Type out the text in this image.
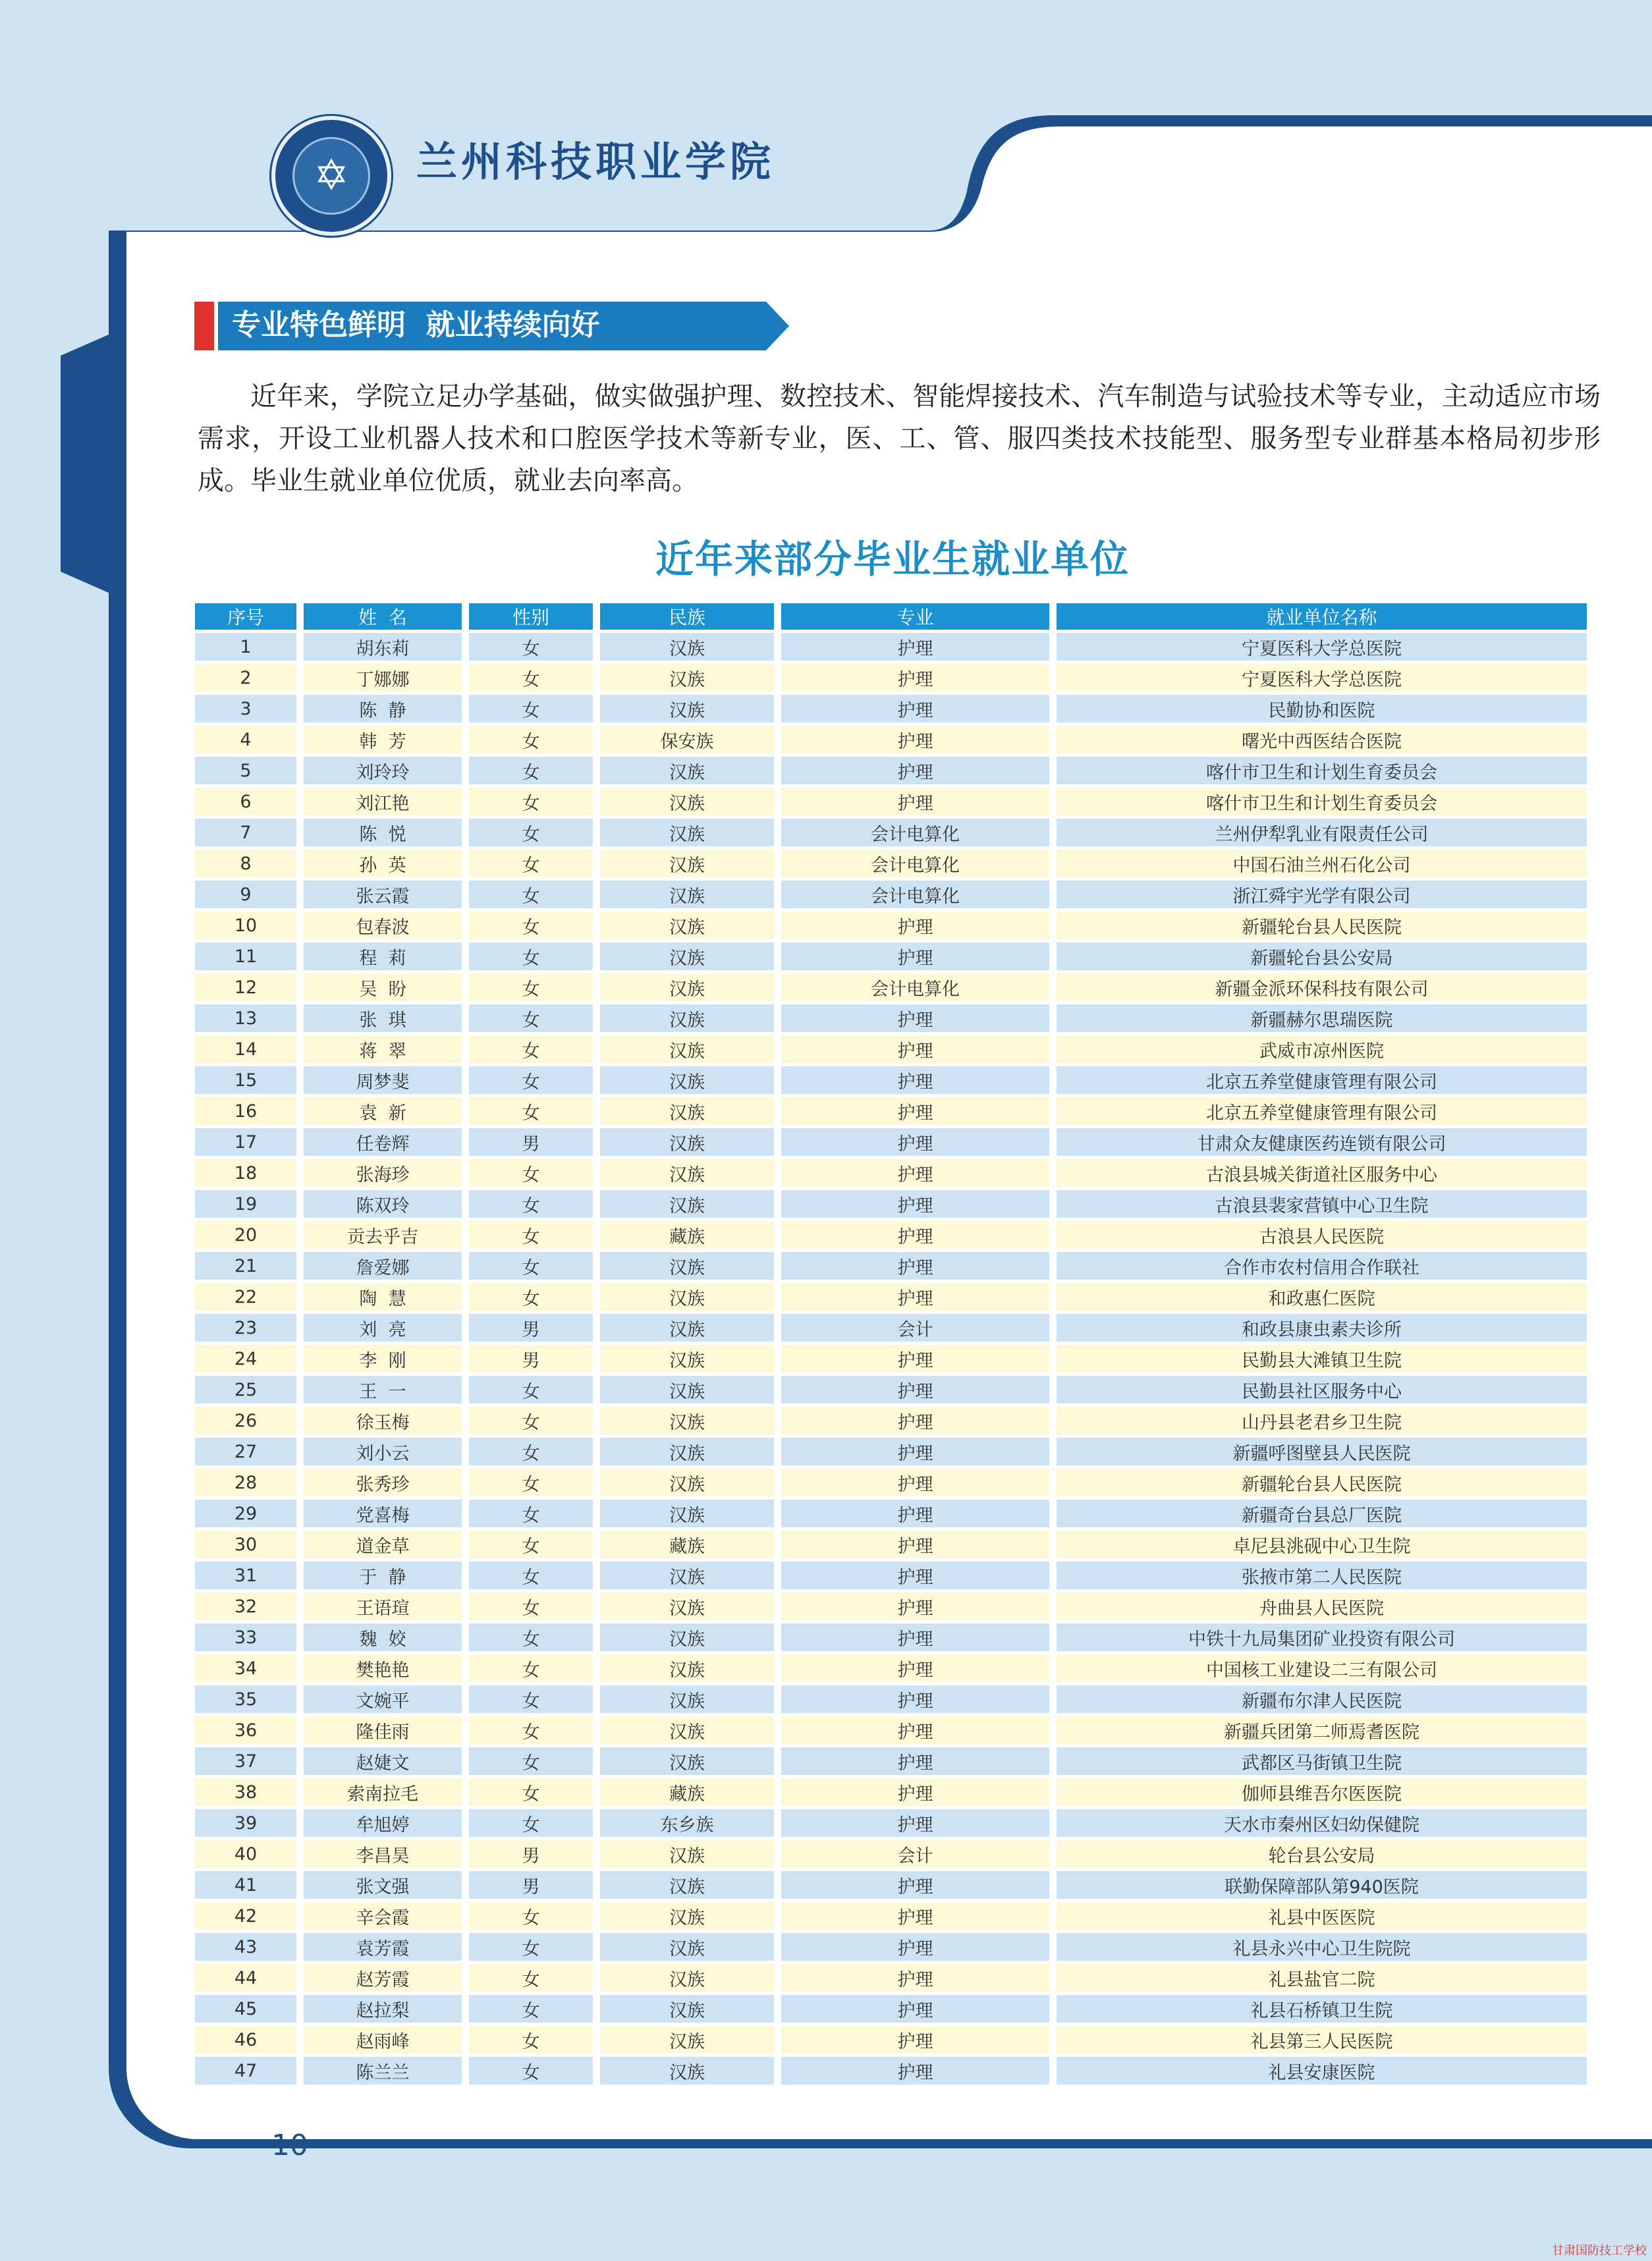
✡	兰州科技职业学院
专业特色鲜明  就业持续向好

近年来，学院立足办学基础，做实做强护理、数控技术、智能焊接技术、汽车制造与试验技术等专业，主动适应市场需求，开设工业机器人技术和口腔医学技术等新专业，医、工、管、服四类技术技能型、服务型专业群基本格局初步形成。毕业生就业单位优质，就业去向率高。

近年来部分毕业生就业单位
序号	姓  名	性别	民族	专业	就业单位名称
1	胡东莉	女	汉族	护理	宁夏医科大学总医院
2	丁娜娜	女	汉族	护理	宁夏医科大学总医院
3	陈  静	女	汉族	护理	民勤协和医院
4	韩  芳	女	保安族	护理	曙光中西医结合医院
5	刘玲玲	女	汉族	护理	喀什市卫生和计划生育委员会
6	刘江艳	女	汉族	护理	喀什市卫生和计划生育委员会
7	陈  悦	女	汉族	会计电算化	兰州伊犁乳业有限责任公司
8	孙  英	女	汉族	会计电算化	中国石油兰州石化公司
9	张云霞	女	汉族	会计电算化	浙江舜宇光学有限公司
10	包春波	女	汉族	护理	新疆轮台县人民医院
11	程  莉	女	汉族	护理	新疆轮台县公安局
12	吴  盼	女	汉族	会计电算化	新疆金派环保科技有限公司
13	张  琪	女	汉族	护理	新疆赫尔思瑞医院
14	蒋  翠	女	汉族	护理	武威市凉州医院
15	周梦斐	女	汉族	护理	北京五养堂健康管理有限公司
16	袁  新	女	汉族	护理	北京五养堂健康管理有限公司
17	任卷辉	男	汉族	护理	甘肃众友健康医药连锁有限公司
18	张海珍	女	汉族	护理	古浪县城关街道社区服务中心
19	陈双玲	女	汉族	护理	古浪县裴家营镇中心卫生院
20	贡去乎吉	女	藏族	护理	古浪县人民医院
21	詹爱娜	女	汉族	护理	合作市农村信用合作联社
22	陶  慧	女	汉族	护理	和政惠仁医院
23	刘  亮	男	汉族	会计	和政县康虫素夫诊所
24	李  刚	男	汉族	护理	民勤县大滩镇卫生院
25	王  一	女	汉族	护理	民勤县社区服务中心
26	徐玉梅	女	汉族	护理	山丹县老君乡卫生院
27	刘小云	女	汉族	护理	新疆呼图壁县人民医院
28	张秀珍	女	汉族	护理	新疆轮台县人民医院
29	党喜梅	女	汉族	护理	新疆奇台县总厂医院
30	道金草	女	藏族	护理	卓尼县洮砚中心卫生院
31	于  静	女	汉族	护理	张掖市第二人民医院
32	王语瑄	女	汉族	护理	舟曲县人民医院
33	魏  姣	女	汉族	护理	中铁十九局集团矿业投资有限公司
34	樊艳艳	女	汉族	护理	中国核工业建设二三有限公司
35	文婉平	女	汉族	护理	新疆布尔津人民医院
36	隆佳雨	女	汉族	护理	新疆兵团第二师焉耆医院
37	赵婕文	女	汉族	护理	武都区马街镇卫生院
38	索南拉毛	女	藏族	护理	伽师县维吾尔医医院
39	牟旭婷	女	东乡族	护理	天水市秦州区妇幼保健院
40	李昌昊	男	汉族	会计	轮台县公安局
41	张文强	男	汉族	护理	联勤保障部队第940医院
42	辛会霞	女	汉族	护理	礼县中医医院
43	袁芳霞	女	汉族	护理	礼县永兴中心卫生院院
44	赵芳霞	女	汉族	护理	礼县盐官二院
45	赵拉梨	女	汉族	护理	礼县石桥镇卫生院
46	赵雨峰	女	汉族	护理	礼县第三人民医院
47	陈兰兰	女	汉族	护理	礼县安康医院
10
甘肃国防技工学校
